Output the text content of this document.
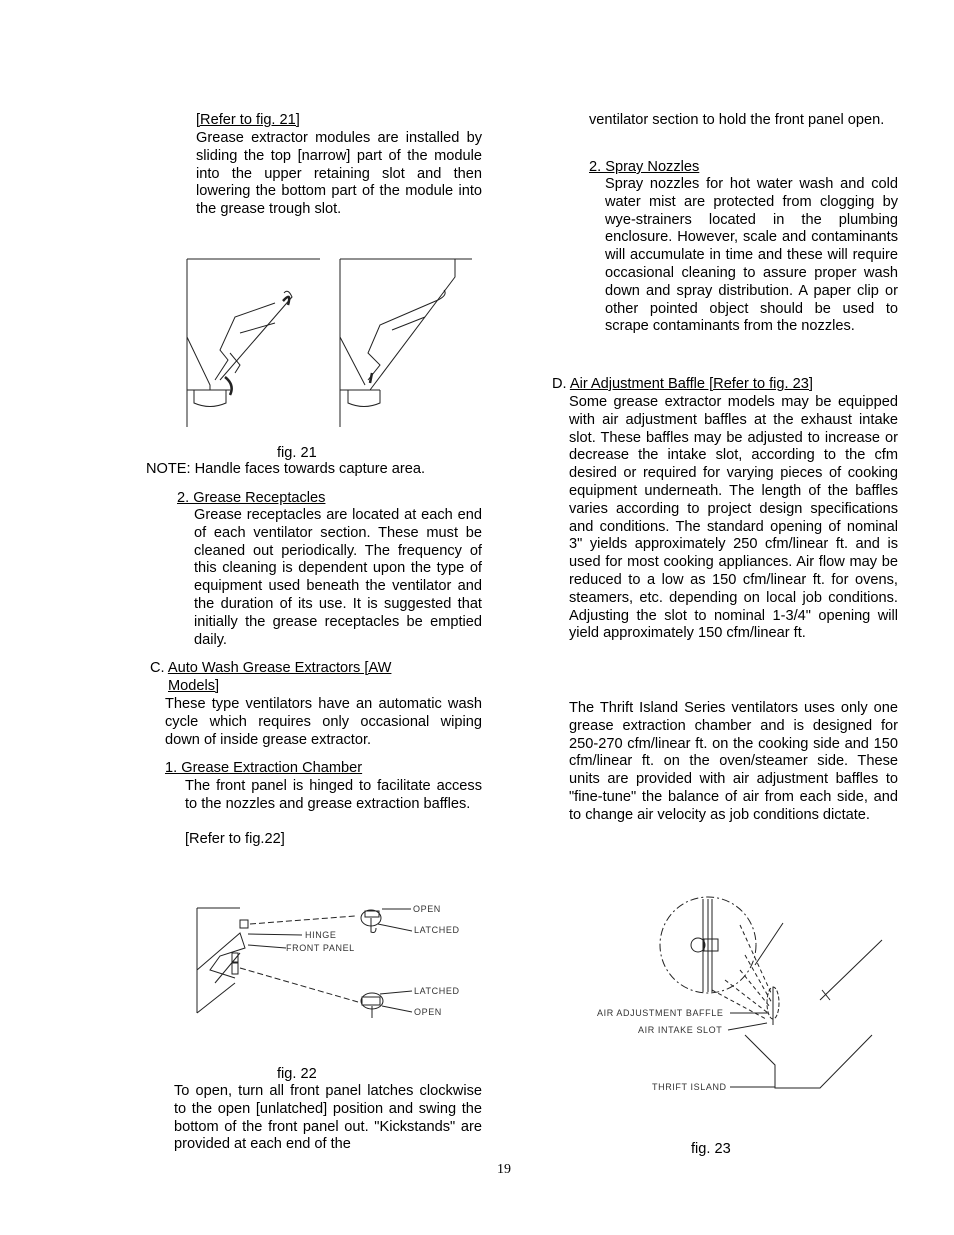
[Refer to fig. 21]

Grease extractor modules are installed by sliding the top [narrow] part of the module into the upper retaining slot and then lowering the bottom part of the module into the grease trough slot.

fig. 21
NOTE: Handle faces towards capture area.
2. Grease Receptacles

Grease receptacles are located at each end of each ventilator section. These must be cleaned out periodically. The frequency of this cleaning is dependent upon the type of equipment used beneath the ventilator and the duration of its use. It is suggested that initially the grease receptacles be emptied daily.

C. Auto Wash Grease Extractors [AW
Models]

These type ventilators have an automatic wash cycle which requires only occasional wiping down of inside grease extractor.

1. Grease Extraction Chamber

The front panel is hinged to facilitate access to the nozzles and grease extraction baffles.

[Refer to fig.22]
OPEN
LATCHED
HINGE
FRONT PANEL
LATCHED
OPEN
fig. 22

To open, turn all front panel latches clockwise to the open [unlatched] position and swing the bottom of the front panel out. "Kickstands" are provided at each end of the

ventilator section to hold the front panel open.

2. Spray Nozzles

Spray nozzles for hot water wash and cold water mist are protected from clogging by wye-strainers located in the plumbing enclosure. However, scale and contaminants will accumulate in time and these will require occasional cleaning to assure proper wash down and spray distribution. A paper clip or other pointed object should be used to scrape contaminants from the nozzles.

D. Air Adjustment Baffle [Refer to fig. 23]

Some grease extractor models may be equipped with air adjustment baffles at the exhaust intake slot. These baffles may be adjusted to increase or decrease the intake slot, according to the cfm desired or required for varying pieces of cooking equipment underneath. The length of the baffles varies according to project design specifications and conditions. The standard opening of nominal 3" yields approximately 250 cfm/linear ft. and is used for most cooking appliances. Air flow may be reduced to a low as 150 cfm/linear ft. for ovens, steamers, etc. depending on local job conditions. Adjusting the slot to nominal 1-3/4" opening will yield approximately 150 cfm/linear ft.

The Thrift Island Series ventilators uses only one grease extraction chamber and is designed for 250-270 cfm/linear ft. on the cooking side and 150 cfm/linear ft. on the oven/steamer side. These units are provided with air adjustment baffles to "fine-tune" the balance of air from each side, and to change air velocity as job conditions dictate.

AIR ADJUSTMENT BAFFLE
AIR INTAKE SLOT
THRIFT ISLAND
fig. 23
19
